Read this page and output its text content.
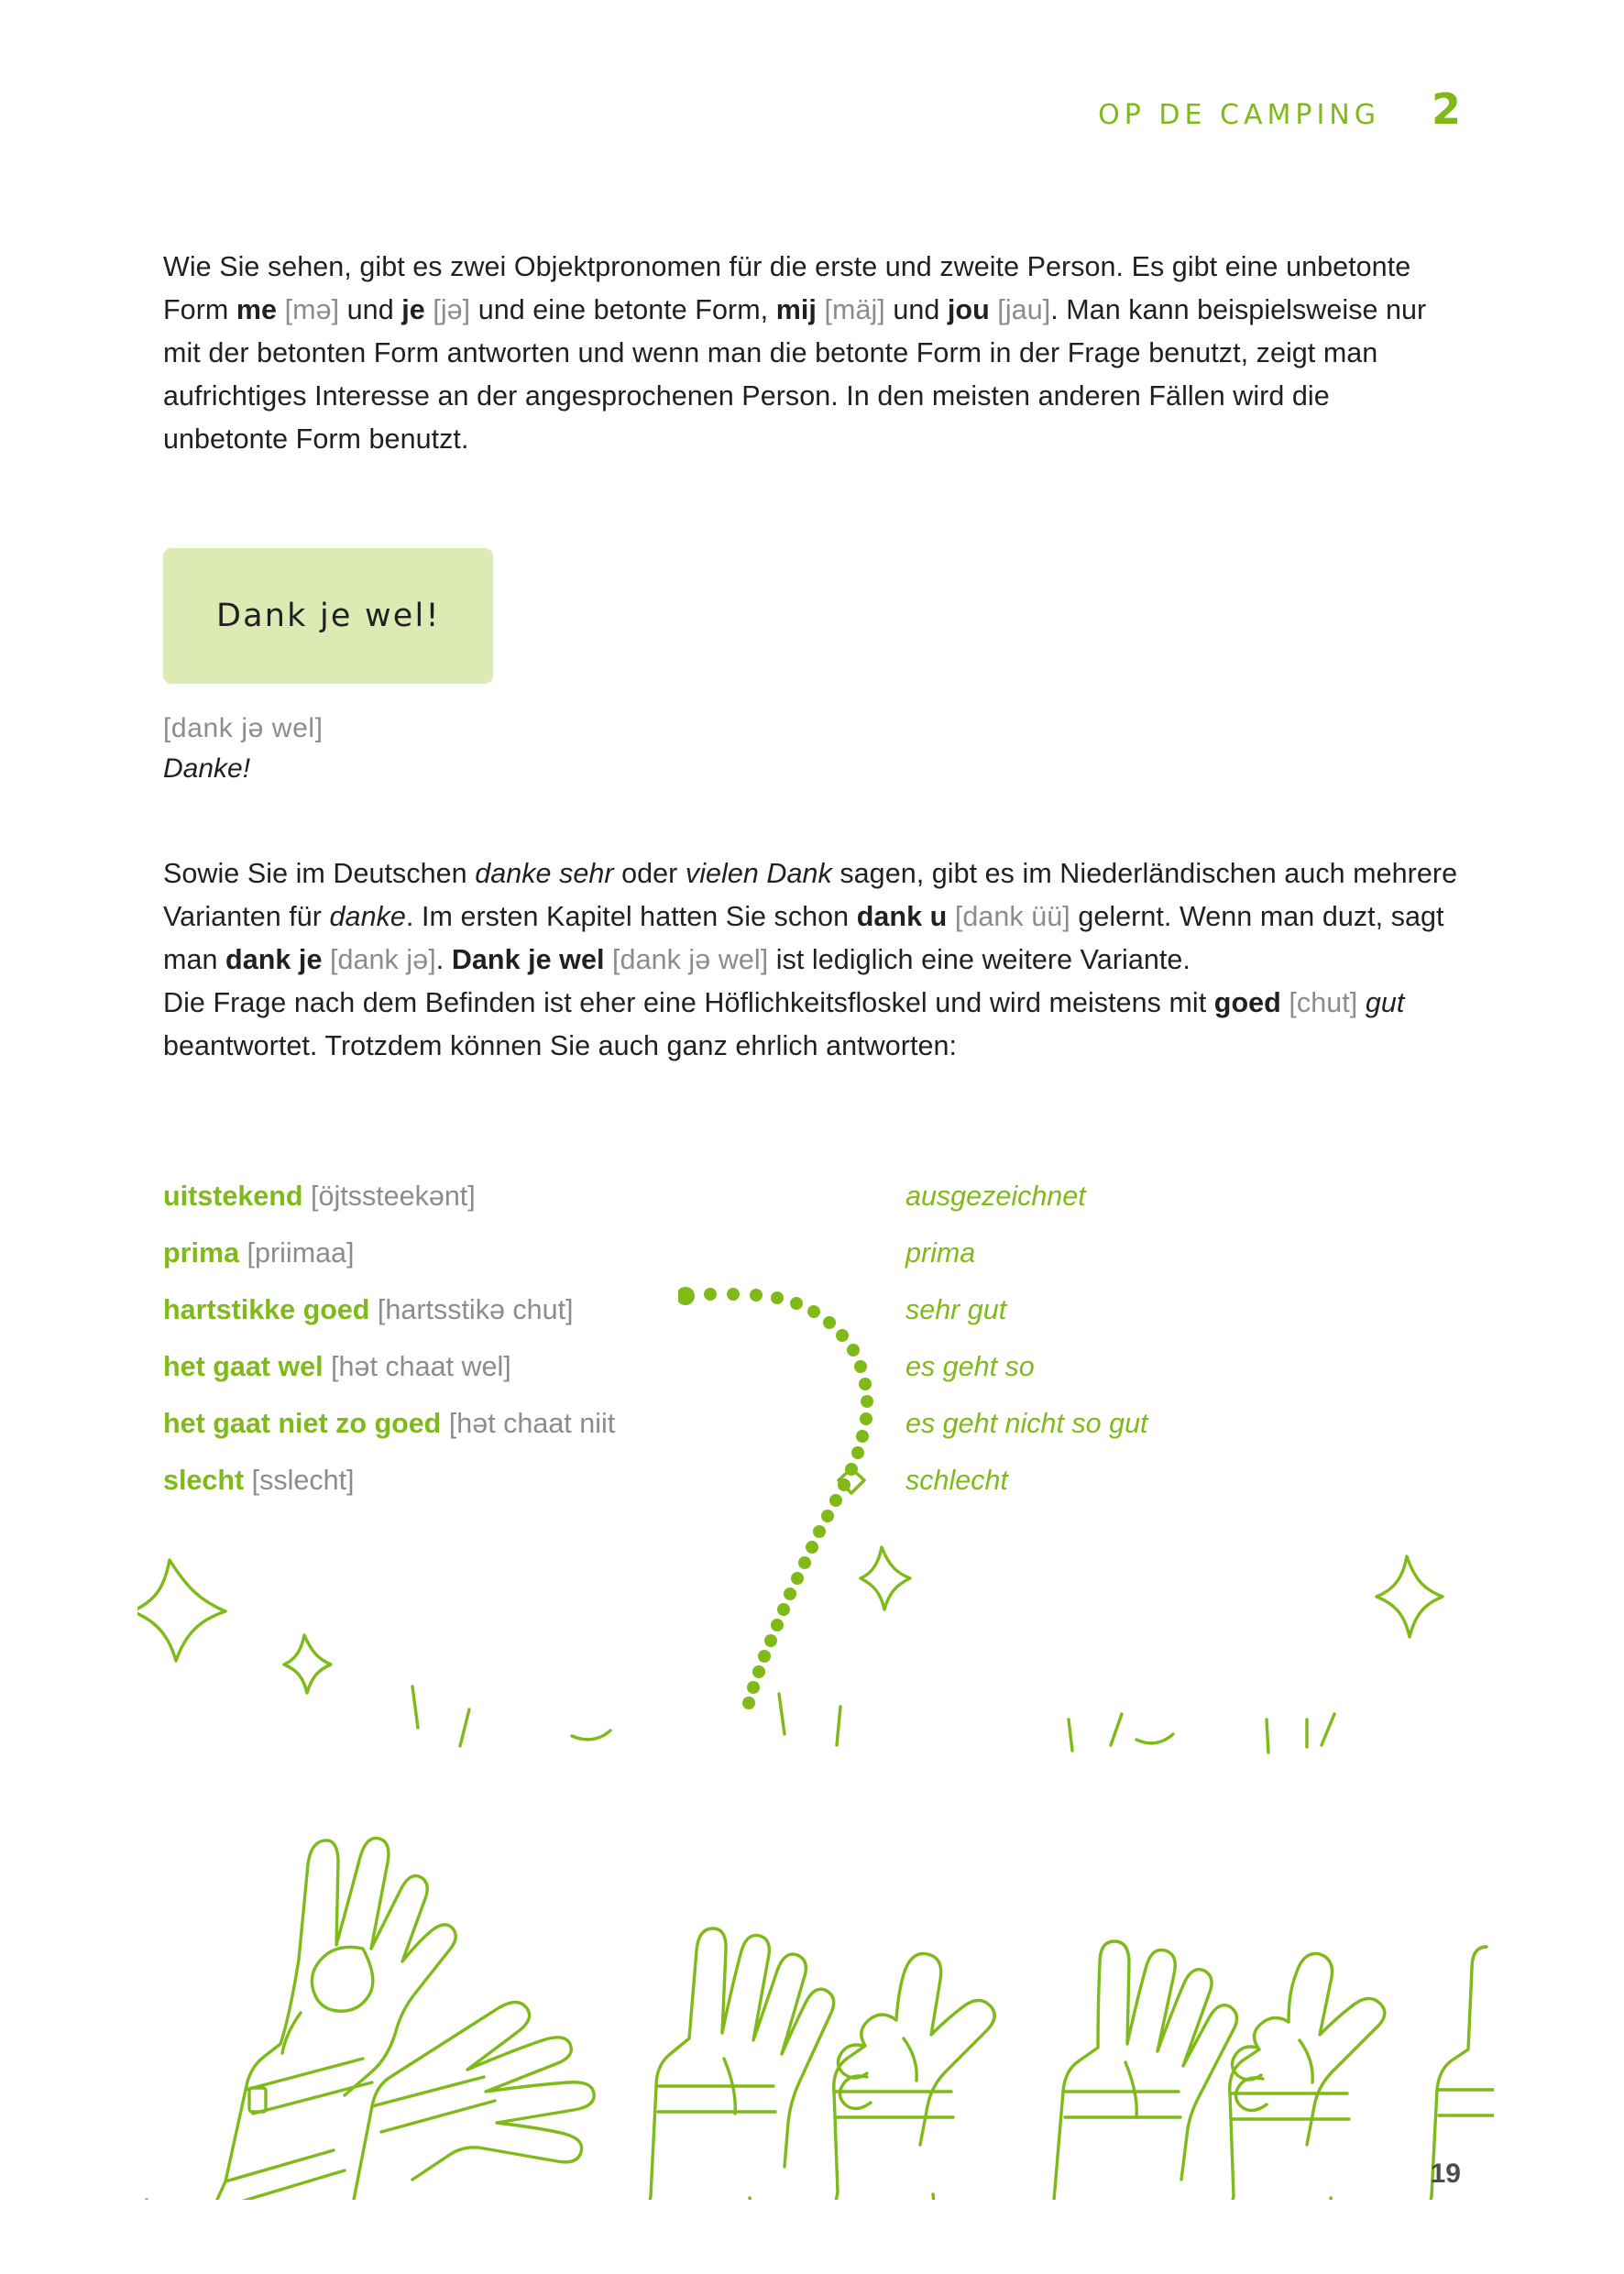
OP DE CAMPING 2

Wie Sie sehen, gibt es zwei Objektpronomen für die erste und zweite Person. Es gibt eine unbetonte Form me [mə] und je [jə] und eine betonte Form, mij [mäj] und jou [jau]. Man kann beispielsweise nur mit der betonten Form antworten und wenn man die betonte Form in der Frage benutzt, zeigt man aufrichtiges Interesse an der angesprochenen Person. In den meisten anderen Fällen wird die unbetonte Form benutzt.

Dank je wel!
[dank jə wel]
Danke!

Sowie Sie im Deutschen danke sehr oder vielen Dank sagen, gibt es im Niederländischen auch mehrere Varianten für danke. Im ersten Kapitel hatten Sie schon dank u [dank üü] gelernt. Wenn man duzt, sagt man dank je [dank jə]. Dank je wel [dank jə wel] ist lediglich eine weitere Variante.

Die Frage nach dem Befinden ist eher eine Höflichkeitsfloskel und wird meistens mit goed [chut] gut beantwortet. Trotzdem können Sie auch ganz ehrlich antworten:

uitstekend [öjtssteekənt]	ausgezeichnet
prima [priimaa]	prima
hartstikke goed [hartsstikə chut]	sehr gut
het gaat wel [hət chaat wel]	es geht so
het gaat niet zo goed [hət chaat niit	es geht nicht so gut
slecht [sslecht]	schlecht
19
